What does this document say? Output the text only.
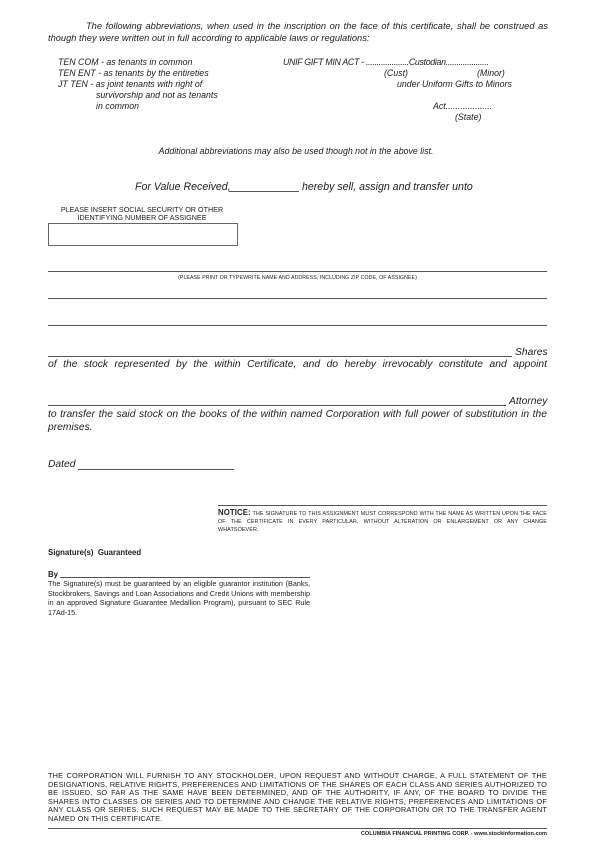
The following abbreviations, when used in the inscription on the face of this certificate, shall be construed as though they were written out in full according to applicable laws or regulations:
TEN COM - as tenants in common
TEN ENT - as tenants by the entireties
JT TEN - as joint tenants with right of
survivorship and not as tenants
in common
UNIF GIFT MIN ACT - ....................Custodian....................
(Cust)	(Minor)
under Uniform Gifts to Minors
Act...................
(State)
Additional abbreviations may also be used though not in the above list.
For Value Received,	hereby sell, assign and transfer unto
PLEASE INSERT SOCIAL SECURITY OR OTHER
IDENTIFYING NUMBER OF ASSIGNEE
(PLEASE PRINT OR TYPEWRITE NAME AND ADDRESS, INCLUDING ZIP CODE, OF ASSIGNEE)
Shares
of the stock represented by the within Certificate, and do hereby irrevocably constitute and appoint
Attorney
to transfer the said stock on the books of the within named Corporation with full power of substitution in the premises.
Dated
NOTICE: THE SIGNATURE TO THIS ASSIGNMENT MUST CORRESPOND WITH THE NAME AS WRITTEN UPON THE FACE OF THE CERTIFICATE IN EVERY PARTICULAR, WITHOUT ALTERATION OR ENLARGEMENT OR ANY CHANGE WHATSOEVER.
Signature(s)  Guaranteed
By
The Signature(s) must be guaranteed by an eligible guarantor institution (Banks, Stockbrokers, Savings and Loan Associations and Credit Unions with membership in an approved Signature Guarantee Medallion Program), pursuant to SEC Rule 17Ad-15.
THE CORPORATION WILL FURNISH TO ANY STOCKHOLDER, UPON REQUEST AND WITHOUT CHARGE, A FULL STATEMENT OF THE DESIGNATIONS, RELATIVE RIGHTS, PREFERENCES AND LIMITATIONS OF THE SHARES OF EACH CLASS AND SERIES AUTHORIZED TO BE ISSUED, SO FAR AS THE SAME HAVE BEEN DETERMINED, AND OF THE AUTHORITY, IF ANY, OF THE BOARD TO DIVIDE THE SHARES INTO CLASSES OR SERIES AND TO DETERMINE AND CHANGE THE RELATIVE RIGHTS, PREFERENCES AND LIMITATIONS OF ANY CLASS OR SERIES. SUCH REQUEST MAY BE MADE TO THE SECRETARY OF THE CORPORATION OR TO THE TRANSFER AGENT NAMED ON THIS CERTIFICATE.
COLUMBIA FINANCIAL PRINTING CORP. - www.stockinformation.com
